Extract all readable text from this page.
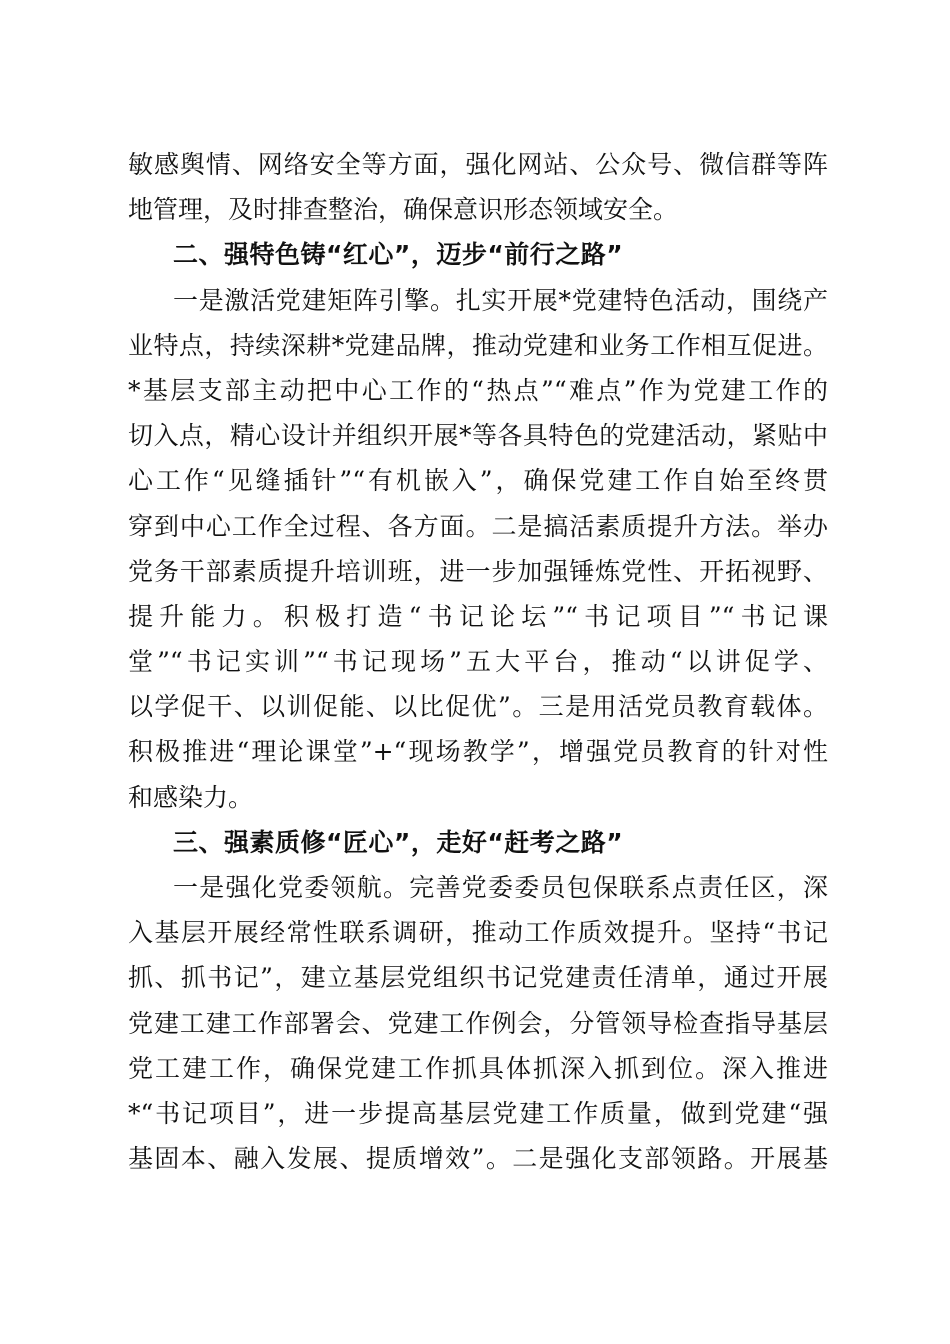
敏感舆情、网络安全等方面，强化网站、公众号、微信群等阵
地管理，及时排查整治，确保意识形态领域安全。
二、强特色铸“红心”，迈步“前行之路”
一是激活党建矩阵引擎。扎实开展*党建特色活动，围绕产
业特点，持续深耕*党建品牌，推动党建和业务工作相互促进。
*基层支部主动把中心工作的“热点”“难点”作为党建工作的
切入点，精心设计并组织开展*等各具特色的党建活动，紧贴中
心工作“见缝插针”“有机嵌入”，确保党建工作自始至终贯
穿到中心工作全过程、各方面。二是搞活素质提升方法。举办
党务干部素质提升培训班，进一步加强锤炼党性、开拓视野、
提升能力。积极打造“书记论坛”“书记项目”“书记课
堂”“书记实训”“书记现场”五大平台，推动“以讲促学、
以学促干、以训促能、以比促优”。三是用活党员教育载体。
积极推进“理论课堂”+“现场教学”，增强党员教育的针对性
和感染力。
三、强素质修“匠心”，走好“赶考之路”
一是强化党委领航。完善党委委员包保联系点责任区，深
入基层开展经常性联系调研，推动工作质效提升。坚持“书记
抓、抓书记”，建立基层党组织书记党建责任清单，通过开展
党建工建工作部署会、党建工作例会，分管领导检查指导基层
党工建工作，确保党建工作抓具体抓深入抓到位。深入推进
*“书记项目”，进一步提高基层党建工作质量，做到党建“强
基固本、融入发展、提质增效”。二是强化支部领路。开展基
